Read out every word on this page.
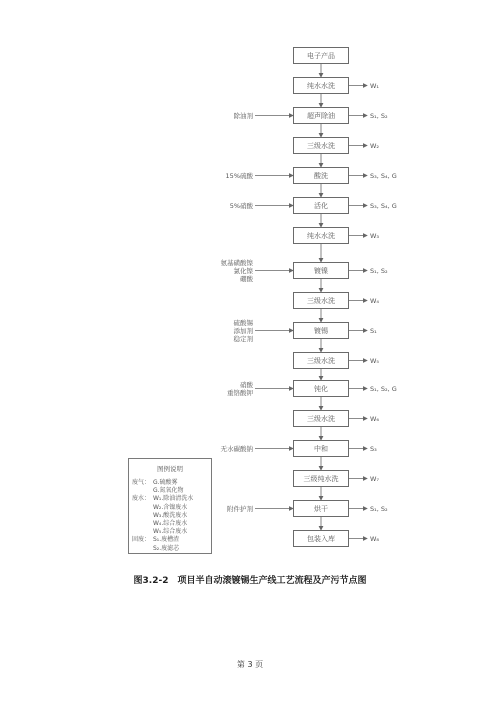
电子产品
纯水水洗	W₁
超声除油	S₁, S₂
除油剂
三级水洗	W₂
酸洗	S₃, S₄, G
15%硫酸
活化	S₃, S₄, G
5%硝酸
纯水水洗	W₃
镀镍	S₁, S₂
氨基磺酸镍
氯化镍
硼酸
三级水洗	W₄
镀锡	S₁
硫酸锡
添加剂
稳定剂
三级水洗	W₅
钝化	S₁, S₂, G
硝酸
重铬酸钾
三级水洗	W₆
中和	S₃
无水碳酸钠
三级纯水洗	W₇
烘干	S₁, S₂
附件护剂
包装入库	W₈
图例说明
废气： G.硫酸雾
G.氮氧化物
废水： W₁.除油清洗水
W₂.含镍废水
W₃.酸洗废水
W₄.综合废水
W₅.综合废水
固废： S₁.废槽渣
S₂.废滤芯
图3.2-2　项目半自动滚镀锡生产线工艺流程及产污节点图
第 3 页
